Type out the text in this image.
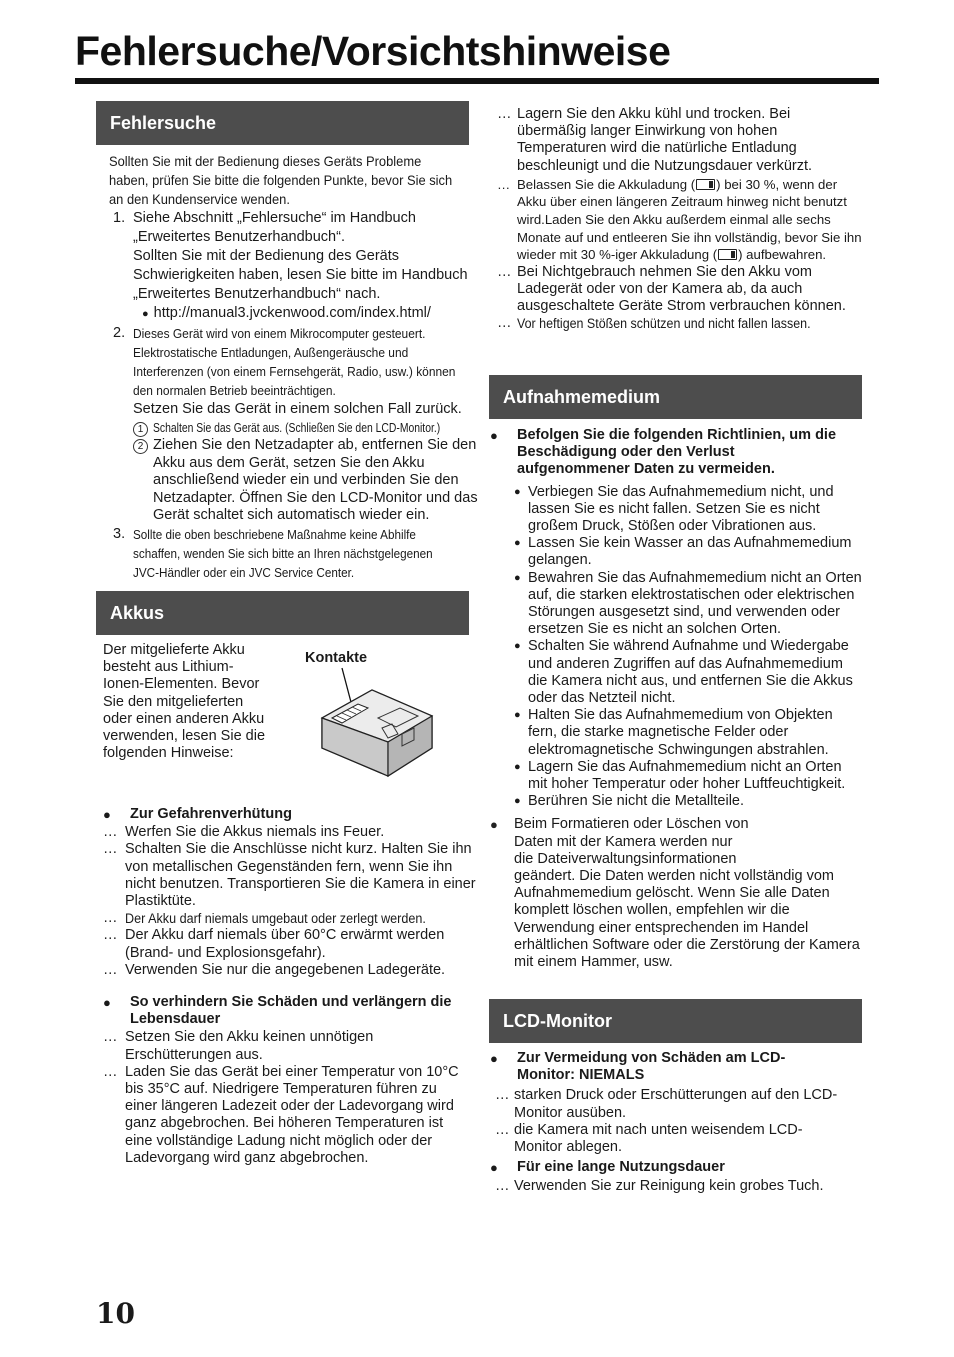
Fehlersuche/Vorsichtshinweise
Fehlersuche

Sollten Sie mit der Bedienung dieses Geräts Probleme haben, prüfen Sie bitte die folgenden Punkte, bevor Sie sich an den Kundenservice wenden.

1. Siehe Abschnitt „Fehlersuche“ im Handbuch „Erweitertes Benutzerhandbuch“.

Sollten Sie mit der Bedienung des Geräts Schwierigkeiten haben, lesen Sie bitte im Handbuch „Erweitertes Benutzerhandbuch“ nach.

● http://manual3.jvckenwood.com/index.html/

2. Dieses Gerät wird von einem Mikrocomputer gesteuert. Elektrostatische Entladungen, Außengeräusche und Interferenzen (von einem Fernsehgerät, Radio, usw.) können den normalen Betrieb beeinträchtigen.

Setzen Sie das Gerät in einem solchen Fall zurück.

1 Schalten Sie das Gerät aus. (Schließen Sie den LCD-Monitor.)
2 Ziehen Sie den Netzadapter ab, entfernen Sie den Akku aus dem Gerät, setzen Sie den Akku anschließend wieder ein und verbinden Sie den Netzadapter. Öffnen Sie den LCD-Monitor und das Gerät schaltet sich automatisch wieder ein.
3. Sollte die oben beschriebene Maßnahme keine Abhilfe schaffen, wenden Sie sich bitte an Ihren nächstgelegenen JVC-Händler oder ein JVC Service Center.

Akkus

Der mitgelieferte Akku besteht aus Lithium-Ionen-Elementen. Bevor Sie den mitgelieferten oder einen anderen Akku verwenden, lesen Sie die folgenden Hinweise:

Kontakte
●	Zur Gefahrenverhütung
… Werfen Sie die Akkus niemals ins Feuer.
… Schalten Sie die Anschlüsse nicht kurz. Halten Sie ihn von metallischen Gegenständen fern, wenn Sie ihn nicht benutzen. Transportieren Sie die Kamera in einer Plastiktüte.
… Der Akku darf niemals umgebaut oder zerlegt werden.
… Der Akku darf niemals über 60°C erwärmt werden (Brand- und Explosionsgefahr).
… Verwenden Sie nur die angegebenen Ladegeräte.
●	So verhindern Sie Schäden und verlängern die Lebensdauer
… Setzen Sie den Akku keinen unnötigen Erschütterungen aus.
… Laden Sie das Gerät bei einer Temperatur von 10°C bis 35°C auf. Niedrigere Temperaturen führen zu einer längeren Ladezeit oder der Ladevorgang wird ganz abgebrochen. Bei höheren Temperaturen ist eine vollständige Ladung nicht möglich oder der Ladevorgang wird ganz abgebrochen.
… Lagern Sie den Akku kühl und trocken. Bei übermäßig langer Einwirkung von hohen Temperaturen wird die natürliche Entladung beschleunigt und die Nutzungsdauer verkürzt.
… Belassen Sie die Akkuladung ( ) bei 30 %, wenn der Akku über einen längeren Zeitraum hinweg nicht benutzt wird.Laden Sie den Akku außerdem einmal alle sechs Monate auf und entleeren Sie ihn vollständig, bevor Sie ihn wieder mit 30 %-iger Akkuladung ( ) aufbewahren.
… Bei Nichtgebrauch nehmen Sie den Akku vom Ladegerät oder von der Kamera ab, da auch ausgeschaltete Geräte Strom verbrauchen können.
… Vor heftigen Stößen schützen und nicht fallen lassen.
Aufnahmemedium
●	Befolgen Sie die folgenden Richtlinien, um die Beschädigung oder den Verlust aufgenommener Daten zu vermeiden.
● Verbiegen Sie das Aufnahmemedium nicht, und lassen Sie es nicht fallen. Setzen Sie es nicht großem Druck, Stößen oder Vibrationen aus.
● Lassen Sie kein Wasser an das Aufnahmemedium gelangen.
● Bewahren Sie das Aufnahmemedium nicht an Orten auf, die starken elektrostatischen oder elektrischen Störungen ausgesetzt sind, und verwenden oder ersetzen Sie es nicht an solchen Orten.
● Schalten Sie während Aufnahme und Wiedergabe und anderen Zugriffen auf das Aufnahmemedium die Kamera nicht aus, und entfernen Sie die Akkus oder das Netzteil nicht.
● Halten Sie das Aufnahmemedium von Objekten fern, die starke magnetische Felder oder elektromagnetische Schwingungen abstrahlen.
● Lagern Sie das Aufnahmemedium nicht an Orten mit hoher Temperatur oder hoher Luftfeuchtigkeit.
● Berühren Sie nicht die Metallteile.
●	Beim Formatieren oder Löschen von Daten mit der Kamera werden nur die Dateiverwaltungsinformationen
geändert. Die Daten werden nicht vollständig vom Aufnahmemedium gelöscht. Wenn Sie alle Daten komplett löschen wollen, empfehlen wir die Verwendung einer entsprechenden im Handel erhältlichen Software oder die Zerstörung der Kamera mit einem Hammer, usw.
LCD-Monitor
●	Zur Vermeidung von Schäden am LCD-Monitor: NIEMALS
… starken Druck oder Erschütterungen auf den LCD-Monitor ausüben.
… die Kamera mit nach unten weisendem LCD-Monitor ablegen.
●	Für eine lange Nutzungsdauer
… Verwenden Sie zur Reinigung kein grobes Tuch.
10
